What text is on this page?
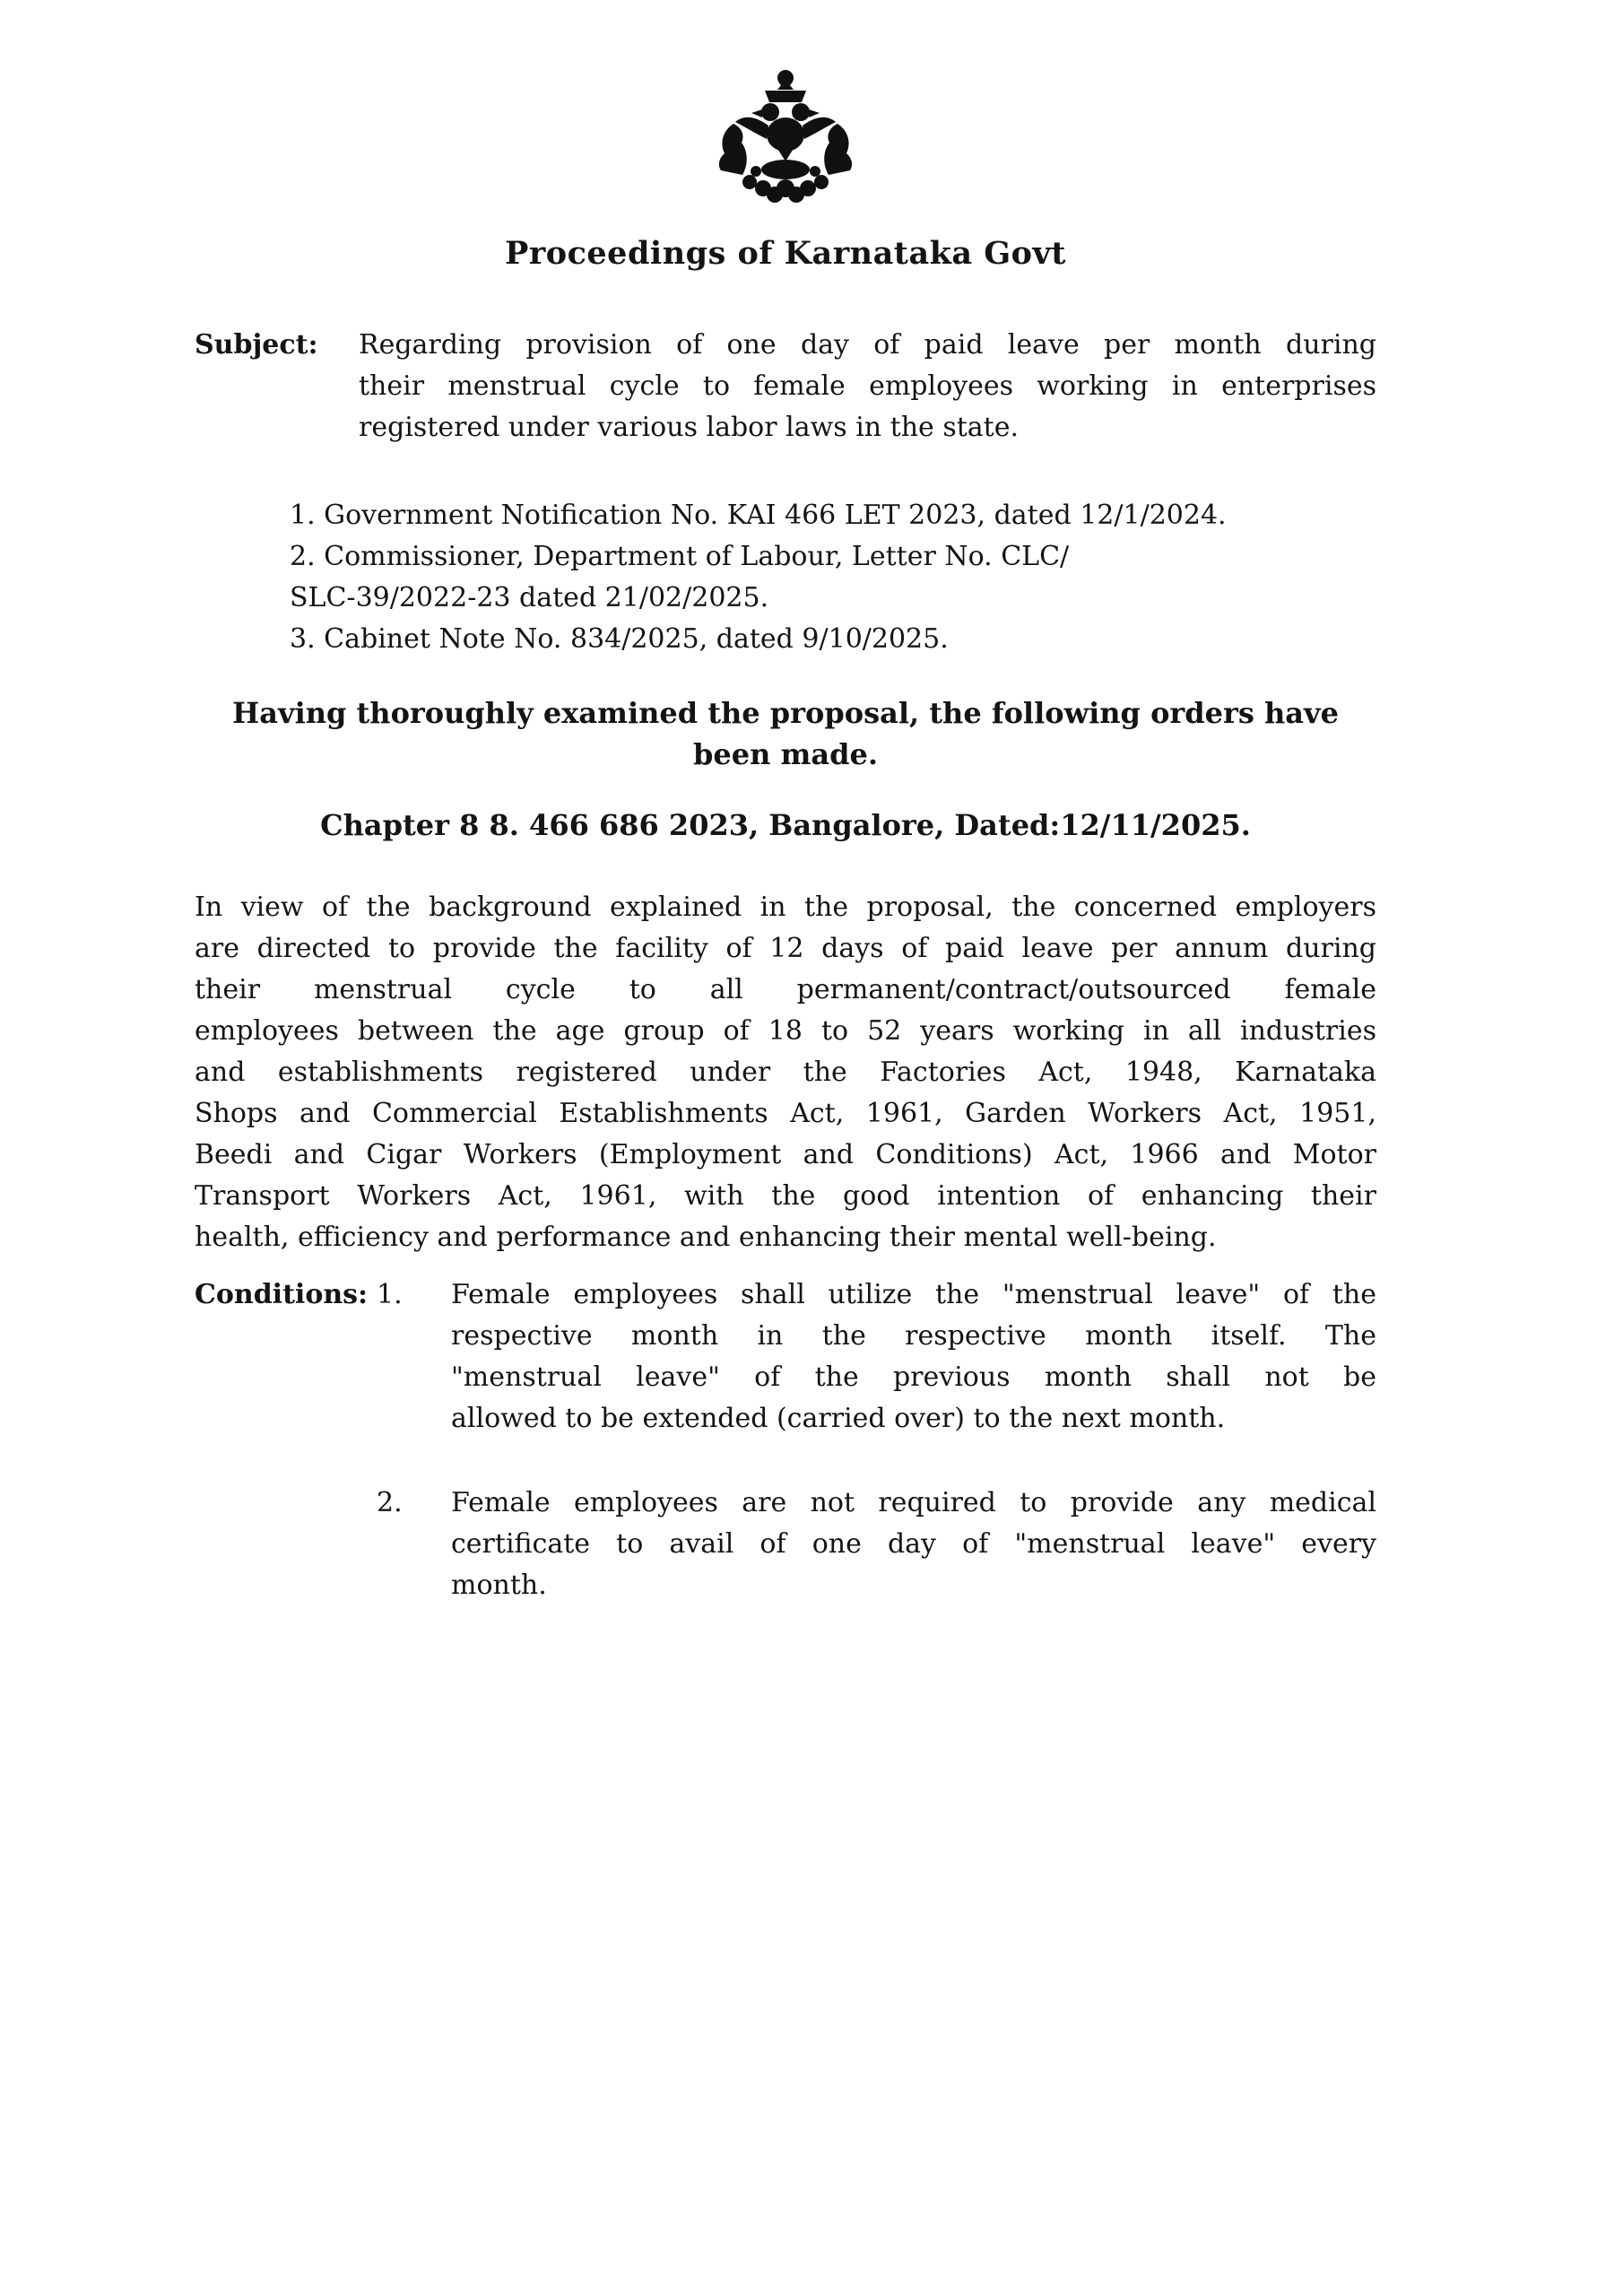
Proceedings of Karnataka Govt
Subject:	Regarding provision of one day of paid leave per month during
their menstrual cycle to female employees working in enterprises
registered under various labor laws in the state.
1. Government Notification No. KAI 466 LET 2023, dated 12/1/2024.
2. Commissioner, Department of Labour, Letter No. CLC/
SLC-39/2022-23 dated 21/02/2025.
3. Cabinet Note No. 834/2025, dated 9/10/2025.
Having thoroughly examined the proposal, the following orders have
been made.
Chapter 8 8. 466 686 2023, Bangalore, Dated:12/11/2025.
In view of the background explained in the proposal, the concerned employers
are directed to provide the facility of 12 days of paid leave per annum during
their menstrual cycle to all permanent/contract/outsourced female
employees between the age group of 18 to 52 years working in all industries
and establishments registered under the Factories Act, 1948, Karnataka
Shops and Commercial Establishments Act, 1961, Garden Workers Act, 1951,
Beedi and Cigar Workers (Employment and Conditions) Act, 1966 and Motor
Transport Workers Act, 1961, with the good intention of enhancing their
health, efficiency and performance and enhancing their mental well-being.
Conditions: 1.	Female employees shall utilize the "menstrual leave" of the
respective month in the respective month itself. The
"menstrual leave" of the previous month shall not be
allowed to be extended (carried over) to the next month.
2.	Female employees are not required to provide any medical
certificate to avail of one day of "menstrual leave" every
month.
